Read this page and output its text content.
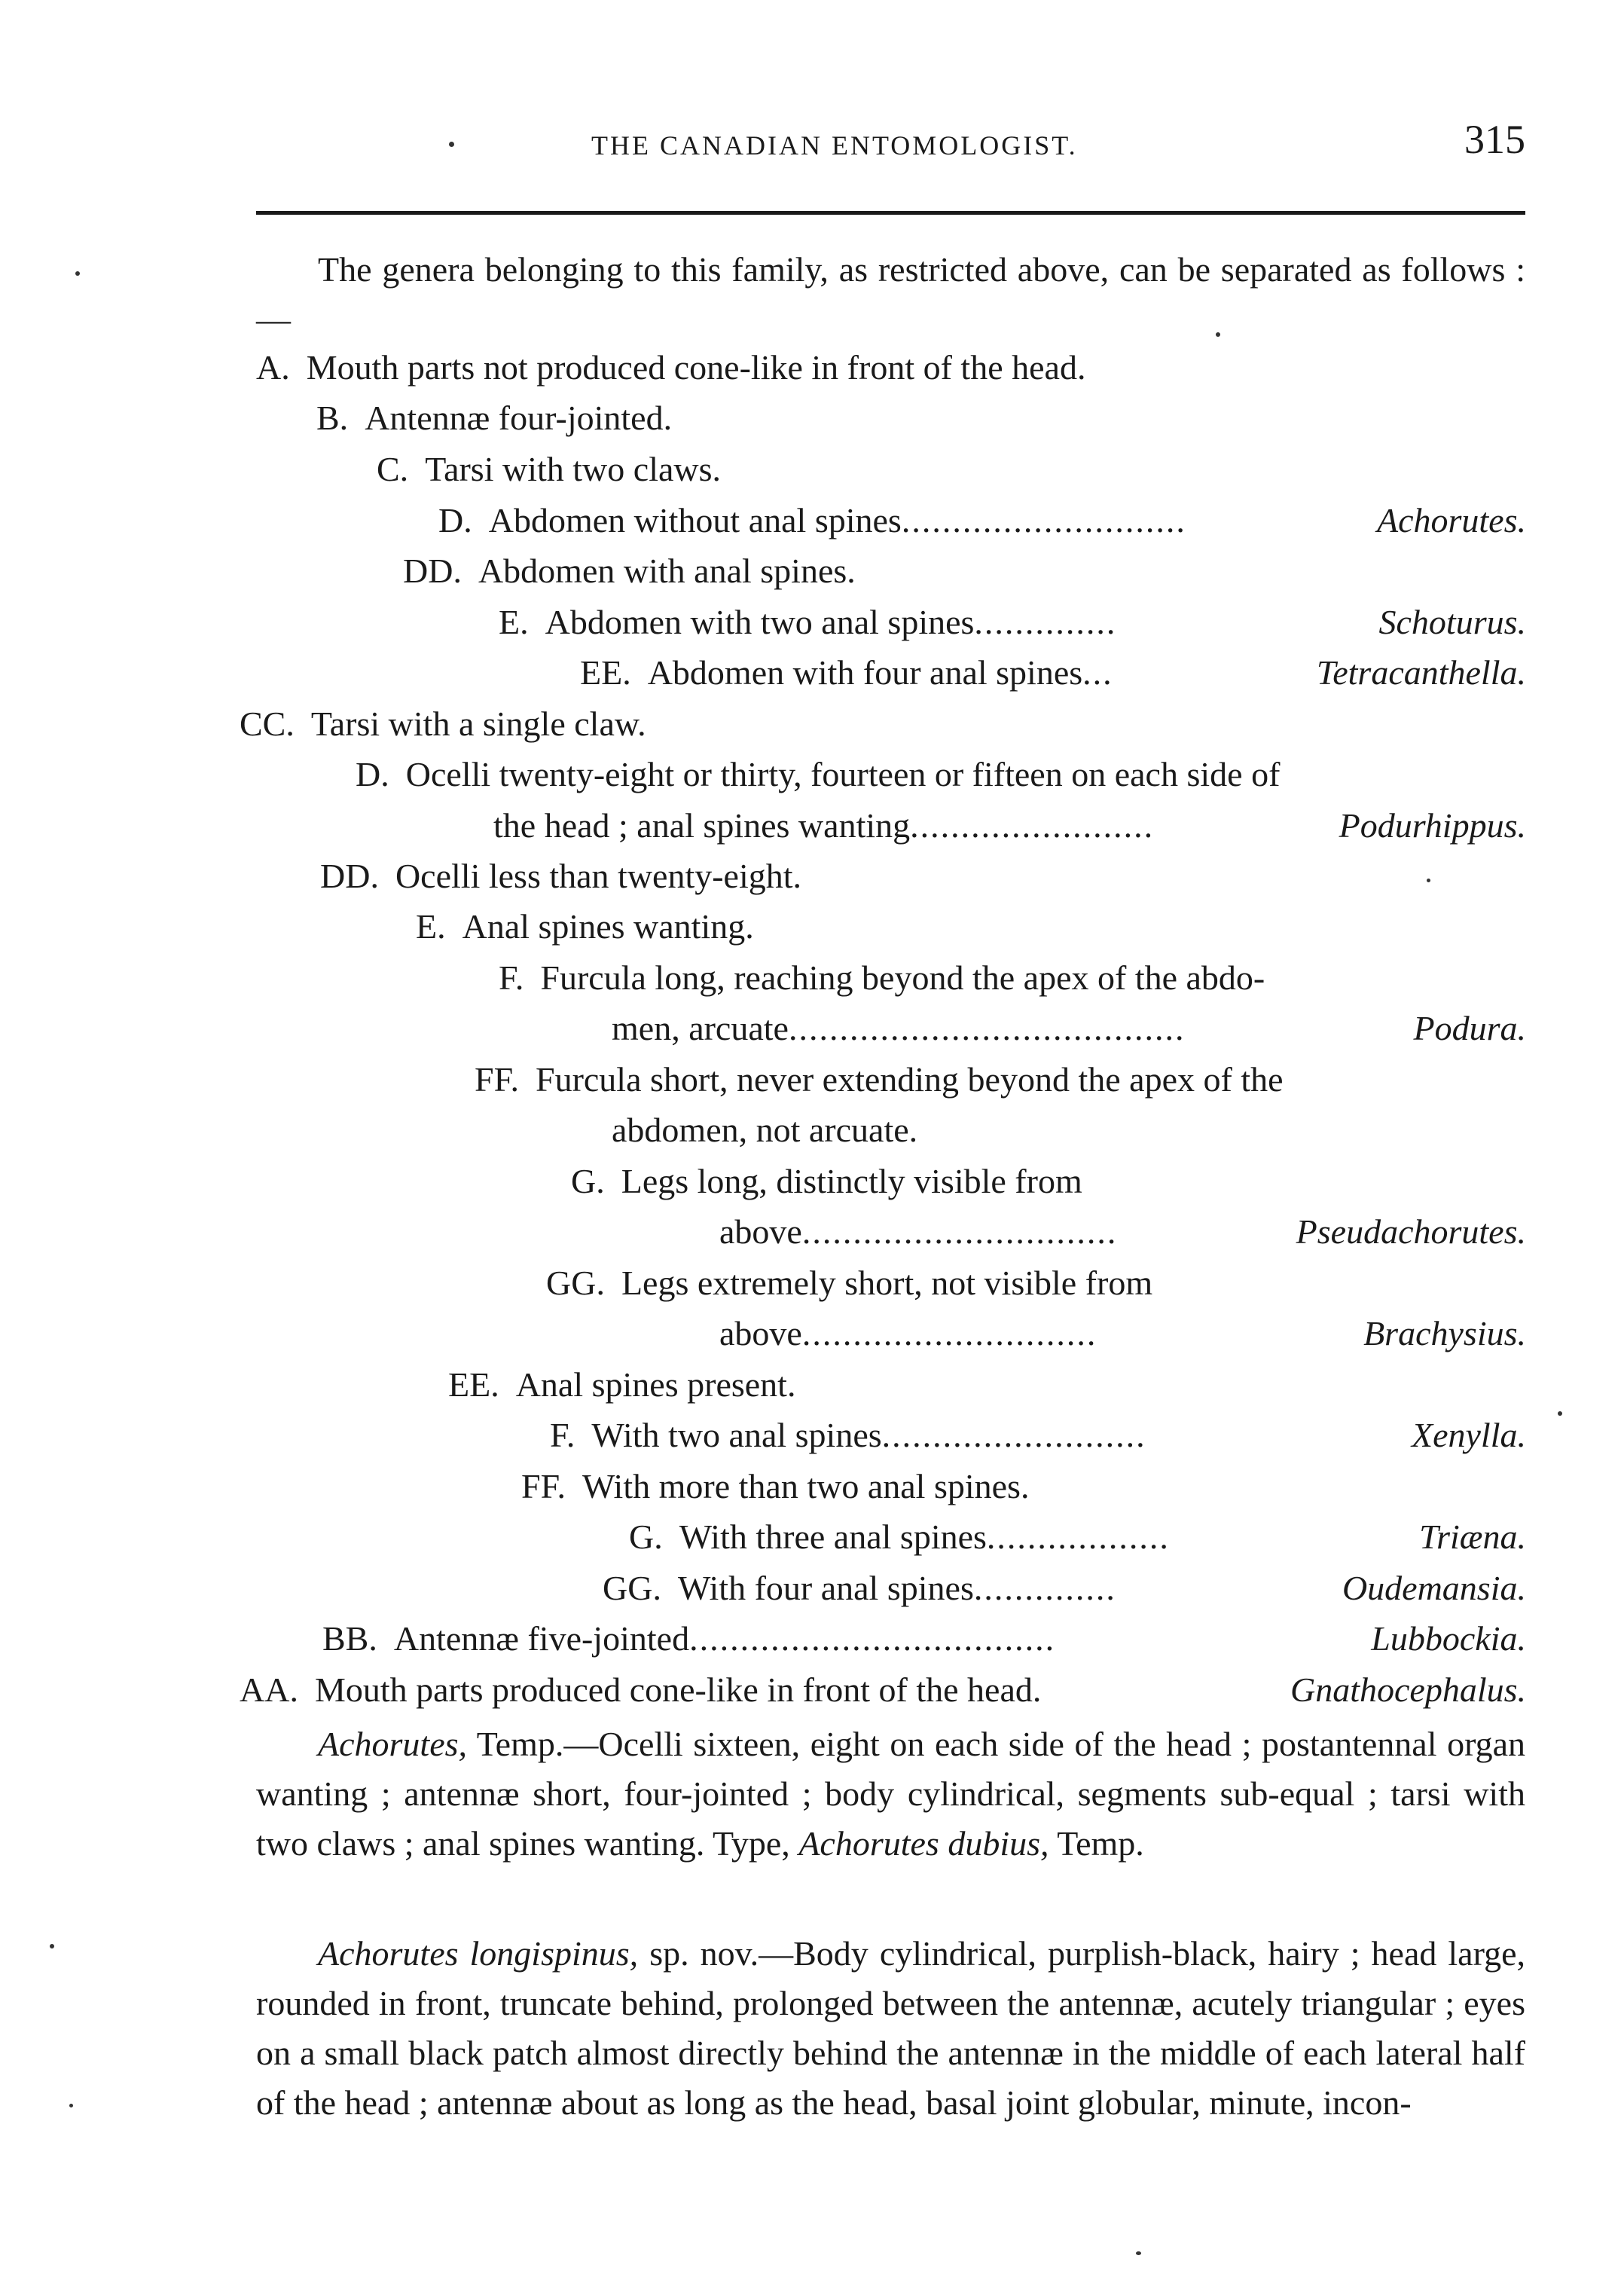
THE CANADIAN ENTOMOLOGIST.	315

The genera belonging to this family, as restricted above, can be separated as follows :—

A. Mouth parts not produced cone-like in front of the head.
B. Antennæ four-jointed.
C. Tarsi with two claws.
D. Abdomen without anal spines............................	Achorutes.
DD. Abdomen with anal spines.
E. Abdomen with two anal spines..............	Schoturus.
EE. Abdomen with four anal spines...	Tetracanthella.
CC. Tarsi with a single claw.
D. Ocelli twenty-eight or thirty, fourteen or fifteen on each side of
the head ; anal spines wanting........................	Podurhippus.
DD. Ocelli less than twenty-eight.
E. Anal spines wanting.
F. Furcula long, reaching beyond the apex of the abdo-
men, arcuate.......................................	Podura.
FF. Furcula short, never extending beyond the apex of the
abdomen, not arcuate.
G. Legs long, distinctly visible from
above...............................	Pseudachorutes.
GG. Legs extremely short, not visible from
above.............................	Brachysius.
EE. Anal spines present.
F. With two anal spines..........................	Xenylla.
FF. With more than two anal spines.
G. With three anal spines..................	Triæna.
GG. With four anal spines..............	Oudemansia.
BB. Antennæ five-jointed....................................	Lubbockia.
AA. Mouth parts produced cone-like in front of the head.	Gnathocephalus.

Achorutes, Temp.—Ocelli sixteen, eight on each side of the head ; postantennal organ wanting ; antennæ short, four-jointed ; body cylindrical, segments sub-equal ; tarsi with two claws ; anal spines wanting. Type, Achorutes dubius, Temp.

Achorutes longispinus, sp. nov.—Body cylindrical, purplish-black, hairy ; head large, rounded in front, truncate behind, prolonged between the antennæ, acutely triangular ; eyes on a small black patch almost directly behind the antennæ in the middle of each lateral half of the head ; antennæ about as long as the head, basal joint globular, minute, incon-
